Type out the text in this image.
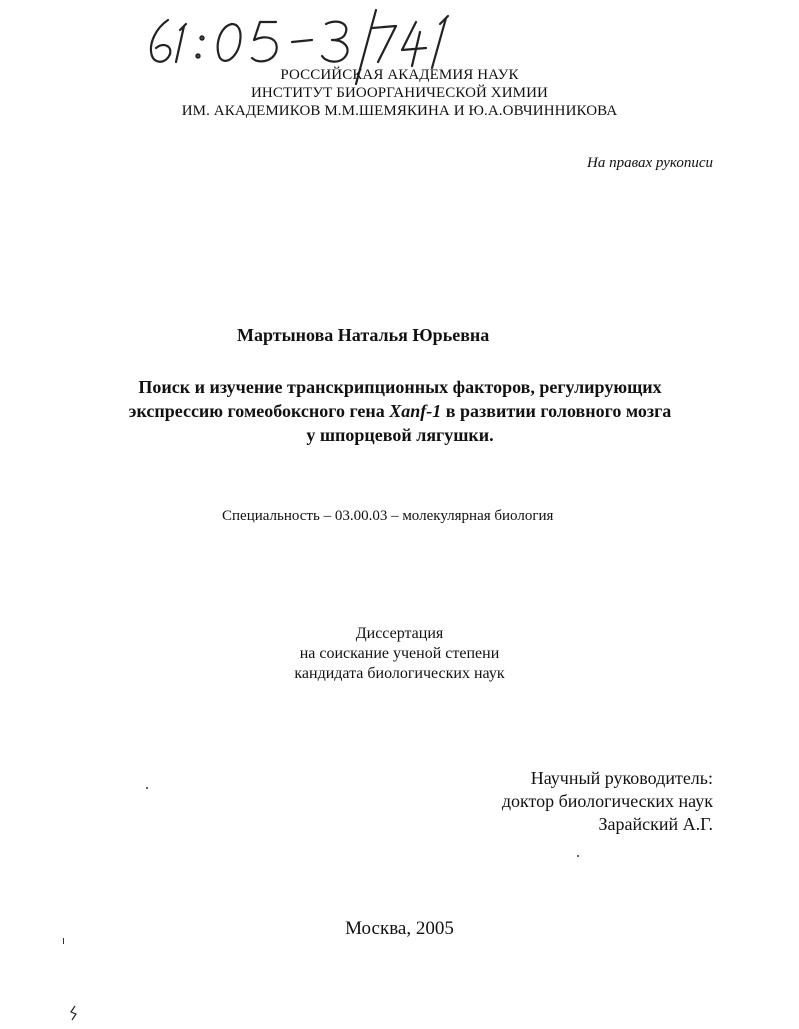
РОССИЙСКАЯ АКАДЕМИЯ НАУК
ИНСТИТУТ БИООРГАНИЧЕСКОЙ ХИМИИ
ИМ. АКАДЕМИКОВ М.М.ШЕМЯКИНА И Ю.А.ОВЧИННИКОВА
На правах рукописи
Мартынова Наталья Юрьевна
Поиск и изучение транскрипционных факторов, регулирующих
экспрессию гомеобоксного гена Xanf-1 в развитии головного мозга
у шпорцевой лягушки.
Специальность – 03.00.03 – молекулярная биология
Диссертация
на соискание ученой степени
кандидата биологических наук
Научный руководитель:
доктор биологических наук
Зарайский А.Г.
Москва, 2005
